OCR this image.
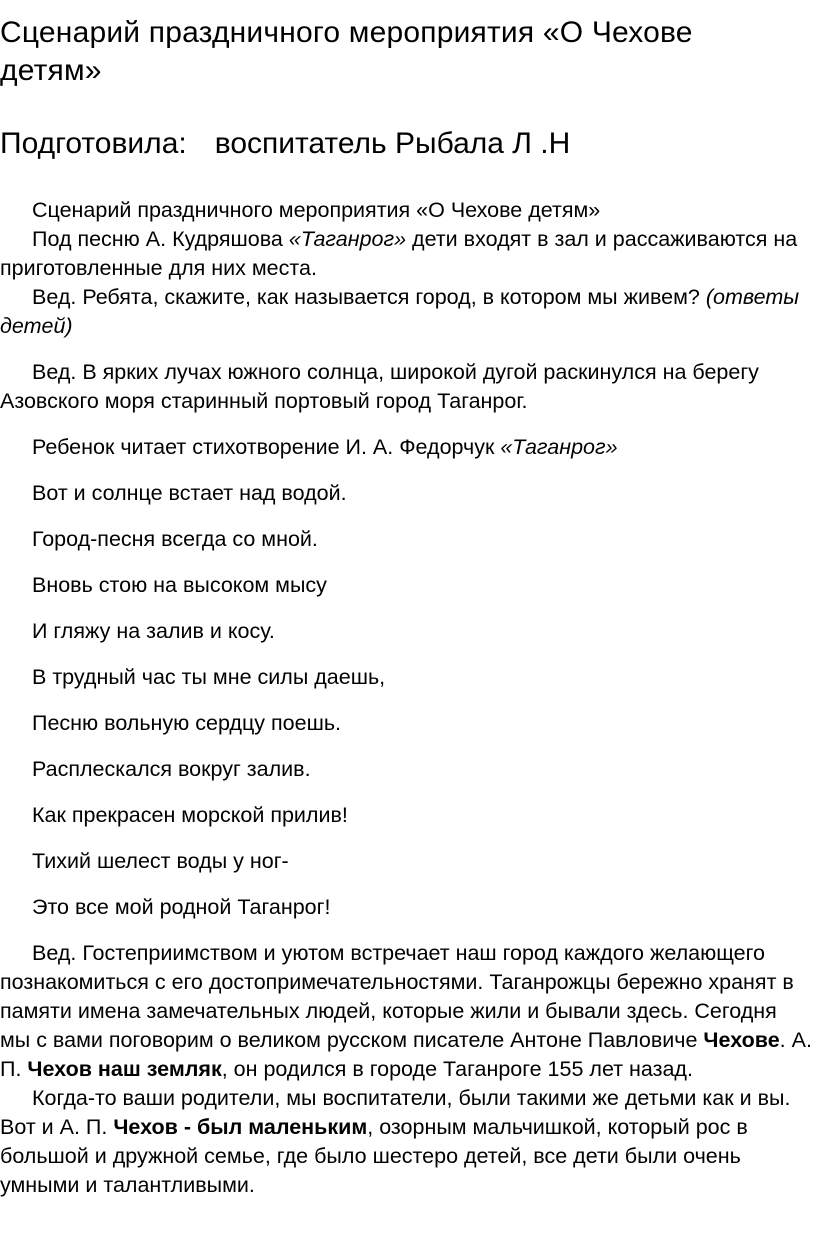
Сценарий праздничного мероприятия «О Чехове детям»

Подготовила: воспитатель Рыбала Л .Н

Сценарий праздничного мероприятия «О Чехове детям»

Под песню А. Кудряшова «Таганрог» дети входят в зал и рассаживаются на приготовленные для них места.

Вед. Ребята, скажите, как называется город, в котором мы живем? (ответы детей)

Вед. В ярких лучах южного солнца, широкой дугой раскинулся на берегу Азовского моря старинный портовый город Таганрог.

Ребенок читает стихотворение И. А. Федорчук «Таганрог»

Вот и солнце встает над водой.

Город-песня всегда со мной.

Вновь стою на высоком мысу

И гляжу на залив и косу.

В трудный час ты мне силы даешь,

Песню вольную сердцу поешь.

Расплескался вокруг залив.

Как прекрасен морской прилив!

Тихий шелест воды у ног-

Это все мой родной Таганрог!

Вед. Гостеприимством и уютом встречает наш город каждого желающего познакомиться с его достопримечательностями. Таганрожцы бережно хранят в памяти имена замечательных людей, которые жили и бывали здесь. Сегодня мы с вами поговорим о великом русском писателе Антоне Павловиче Чехове. А. П. Чехов наш земляк, он родился в городе Таганроге 155 лет назад.

Когда-то ваши родители, мы воспитатели, были такими же детьми как и вы. Вот и А. П. Чехов - был маленьким, озорным мальчишкой, который рос в большой и дружной семье, где было шестеро детей, все дети были очень умными и талантливыми.
